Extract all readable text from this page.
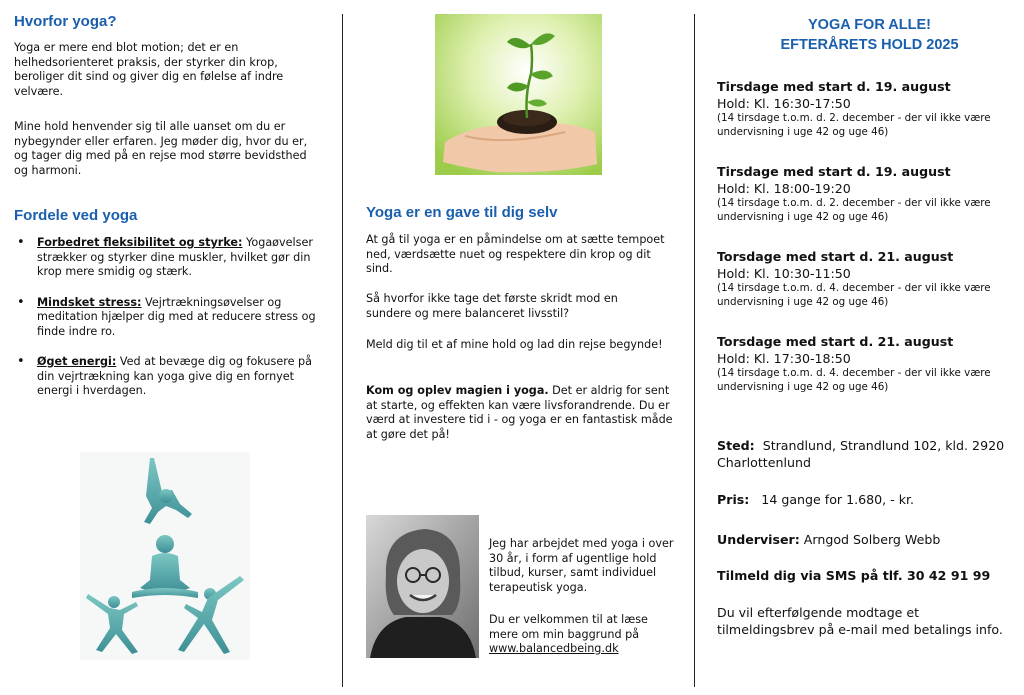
Hvorfor yoga?

Yoga er mere end blot motion; det er en helhedsorienteret praksis, der styrker din krop, beroliger dit sind og giver dig en følelse af indre velvære.

Mine hold henvender sig til alle uanset om du er nybegynder eller erfaren. Jeg møder dig, hvor du er, og tager dig med på en rejse mod større bevidsthed og harmoni.

Fordele ved yoga
• Forbedret fleksibilitet og styrke: Yogaøvelser strækker og styrker dine muskler, hvilket gør din krop mere smidig og stærk.
• Mindsket stress: Vejrtrækningsøvelser og meditation hjælper dig med at reducere stress og finde indre ro.
• Øget energi: Ved at bevæge dig og fokusere på din vejrtrækning kan yoga give dig en fornyet energi i hverdagen.
Yoga er en gave til dig selv

At gå til yoga er en påmindelse om at sætte tempoet ned, værdsætte nuet og respektere din krop og dit sind.

Så hvorfor ikke tage det første skridt mod en sundere og mere balanceret livsstil?

Meld dig til et af mine hold og lad din rejse begynde!

Kom og oplev magien i yoga. Det er aldrig for sent at starte, og effekten kan være livsforandrende. Du er værd at investere tid i - og yoga er en fantastisk måde at gøre det på!

Jeg har arbejdet med yoga i over 30 år, i form af ugentlige hold tilbud, kurser, samt individuel terapeutisk yoga.

Du er velkommen til at læse mere om min baggrund på www.balancedbeing.dk

YOGA FOR ALLE!
EFTERÅRETS HOLD 2025

Tirsdage med start d. 19. august

Hold: Kl. 16:30-17:50

(14 tirsdage t.o.m. d. 2. december - der vil ikke være undervisning i uge 42 og uge 46)

Tirsdage med start d. 19. august

Hold: Kl. 18:00-19:20

(14 tirsdage t.o.m. d. 2. december - der vil ikke være undervisning i uge 42 og uge 46)

Torsdage med start d. 21. august

Hold: Kl. 10:30-11:50

(14 tirsdage t.o.m. d. 4. december - der vil ikke være undervisning i uge 42 og uge 46)

Torsdage med start d. 21. august

Hold: Kl. 17:30-18:50

(14 tirsdage t.o.m. d. 4. december - der vil ikke være undervisning i uge 42 og uge 46)

Sted:  Strandlund, Strandlund 102, kld. 2920 Charlottenlund

Pris:   14 gange for 1.680, - kr.

Underviser: Arngod Solberg Webb

Tilmeld dig via SMS på tlf. 30 42 91 99

Du vil efterfølgende modtage et tilmeldingsbrev på e-mail med betalings info.
